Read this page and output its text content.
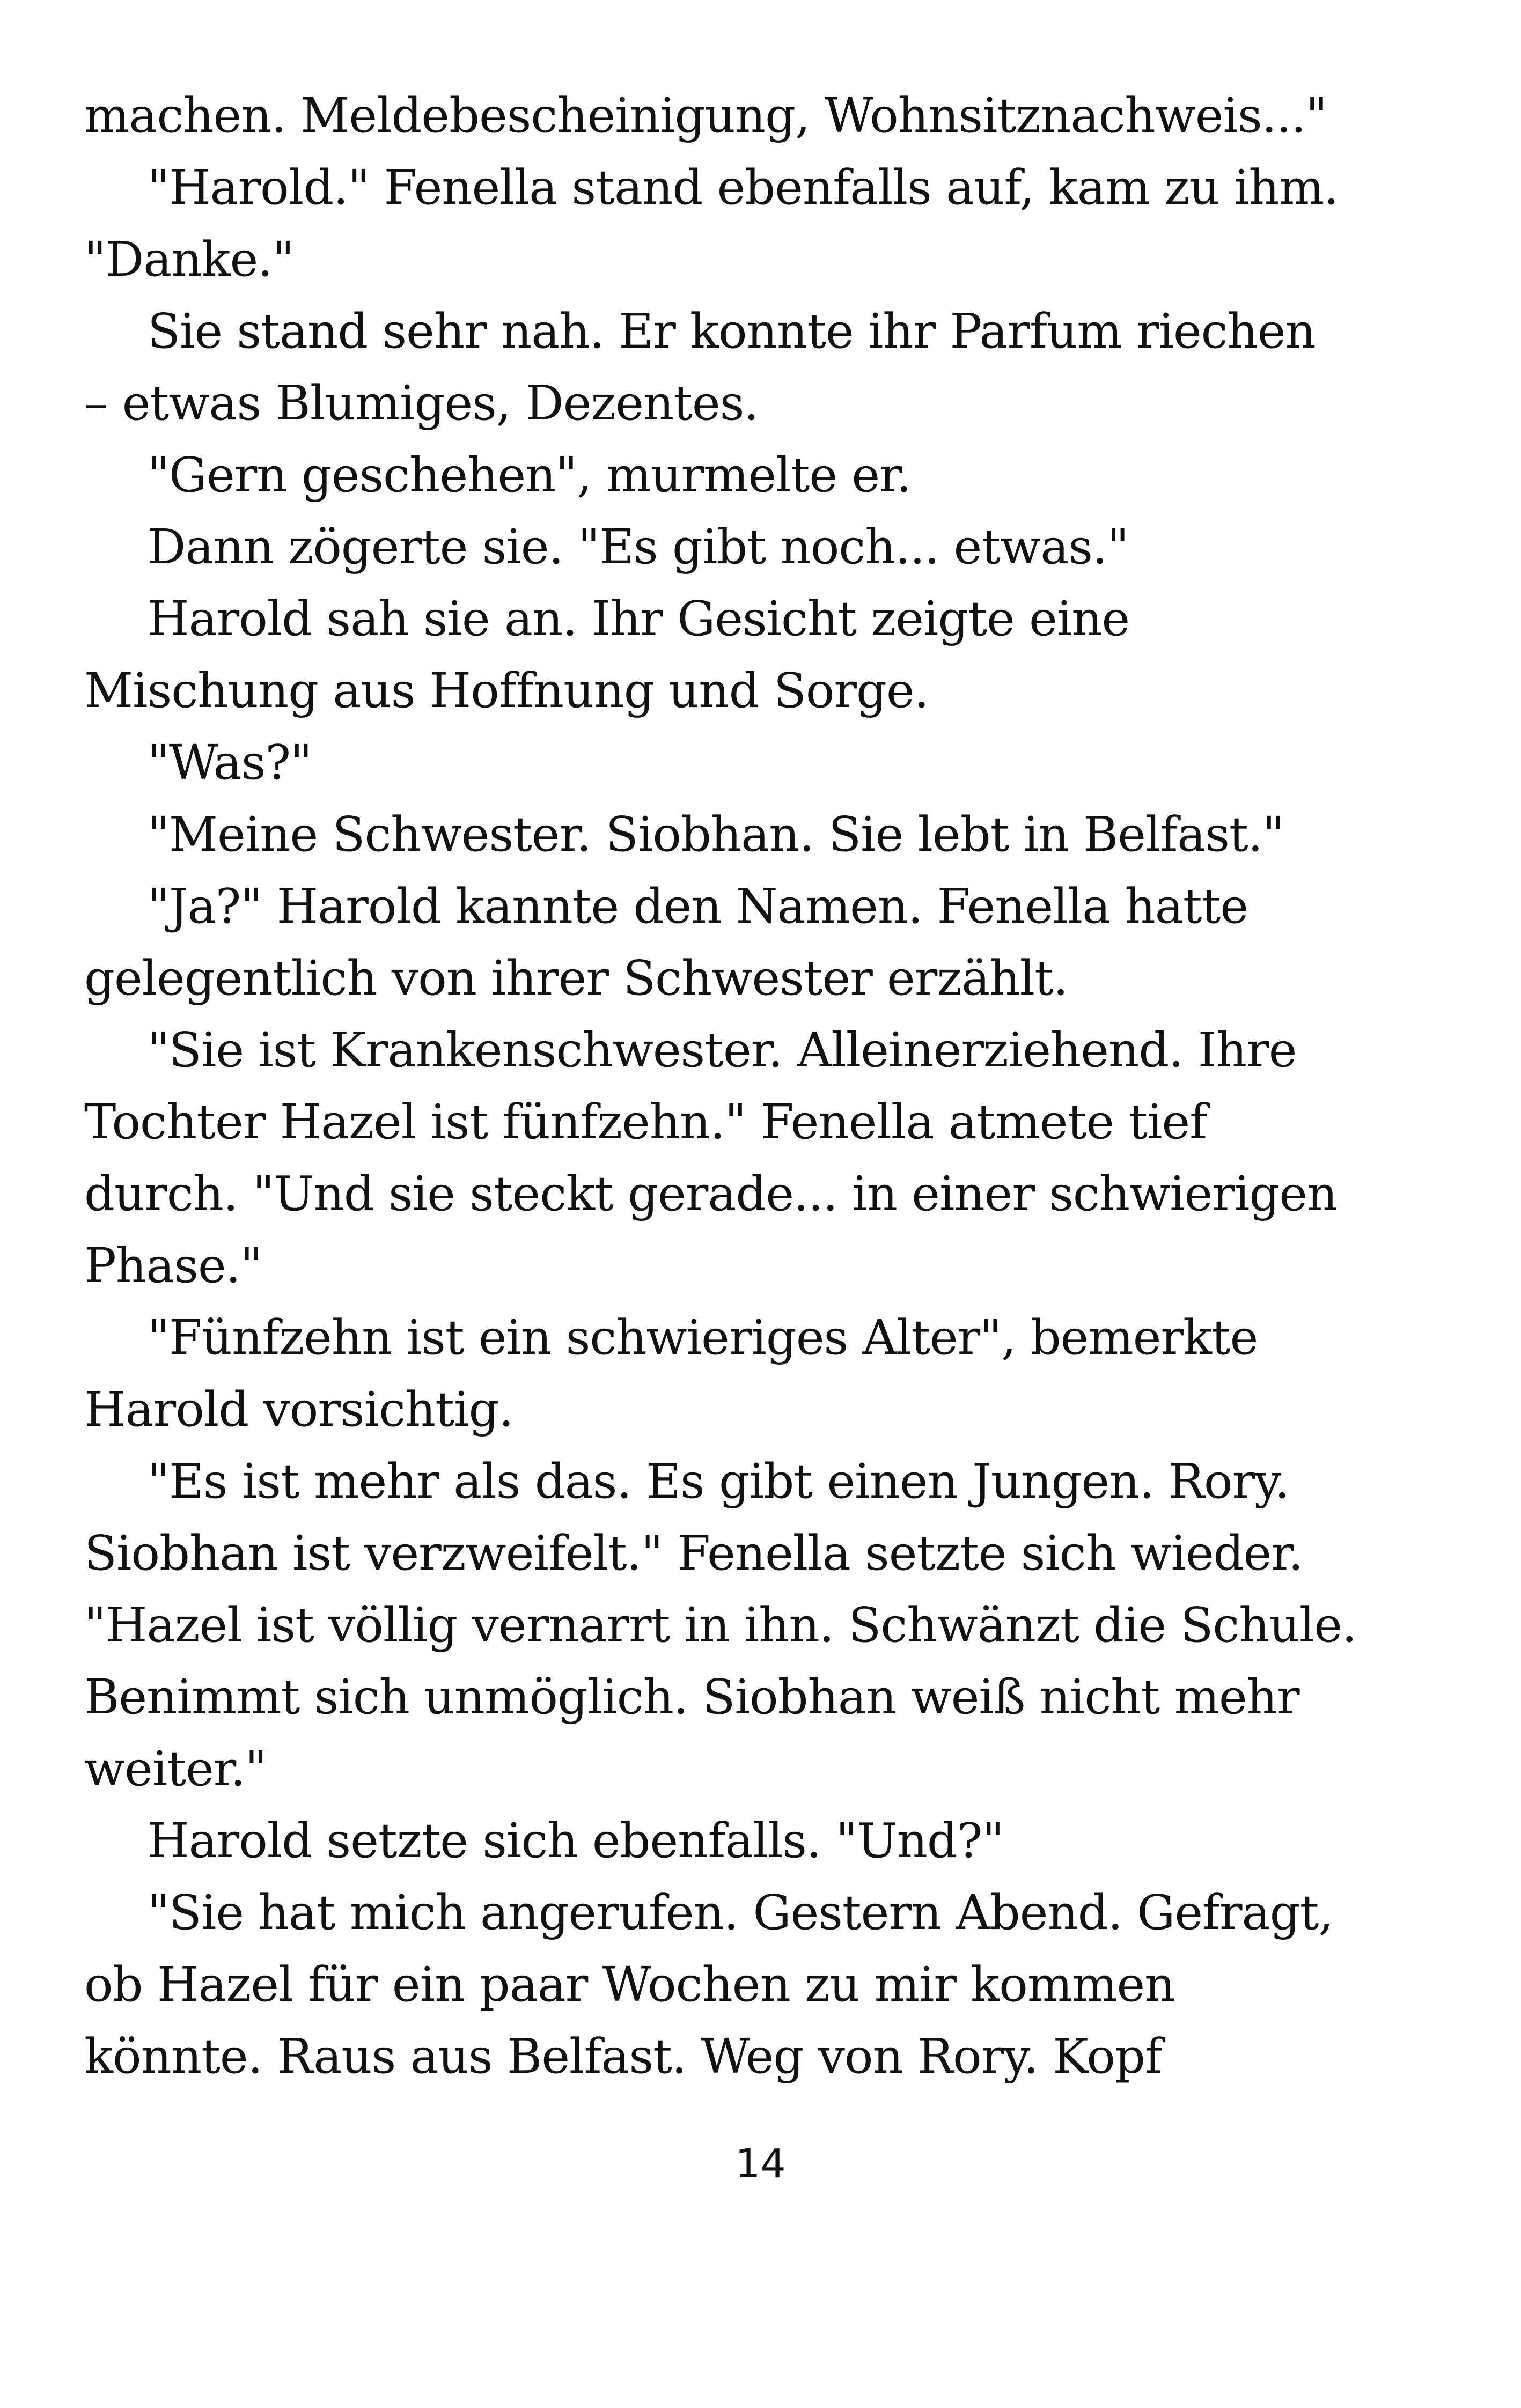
machen. Meldebescheinigung, Wohnsitznachweis..."
"Harold." Fenella stand ebenfalls auf, kam zu ihm.
"Danke."
Sie stand sehr nah. Er konnte ihr Parfum riechen
– etwas Blumiges, Dezentes.
"Gern geschehen", murmelte er.
Dann zögerte sie. "Es gibt noch... etwas."
Harold sah sie an. Ihr Gesicht zeigte eine
Mischung aus Hoffnung und Sorge.
"Was?"
"Meine Schwester. Siobhan. Sie lebt in Belfast."
"Ja?" Harold kannte den Namen. Fenella hatte
gelegentlich von ihrer Schwester erzählt.
"Sie ist Krankenschwester. Alleinerziehend. Ihre
Tochter Hazel ist fünfzehn." Fenella atmete tief
durch. "Und sie steckt gerade... in einer schwierigen
Phase."
"Fünfzehn ist ein schwieriges Alter", bemerkte
Harold vorsichtig.
"Es ist mehr als das. Es gibt einen Jungen. Rory.
Siobhan ist verzweifelt." Fenella setzte sich wieder.
"Hazel ist völlig vernarrt in ihn. Schwänzt die Schule.
Benimmt sich unmöglich. Siobhan weiß nicht mehr
weiter."
Harold setzte sich ebenfalls. "Und?"
"Sie hat mich angerufen. Gestern Abend. Gefragt,
ob Hazel für ein paar Wochen zu mir kommen
könnte. Raus aus Belfast. Weg von Rory. Kopf
14
